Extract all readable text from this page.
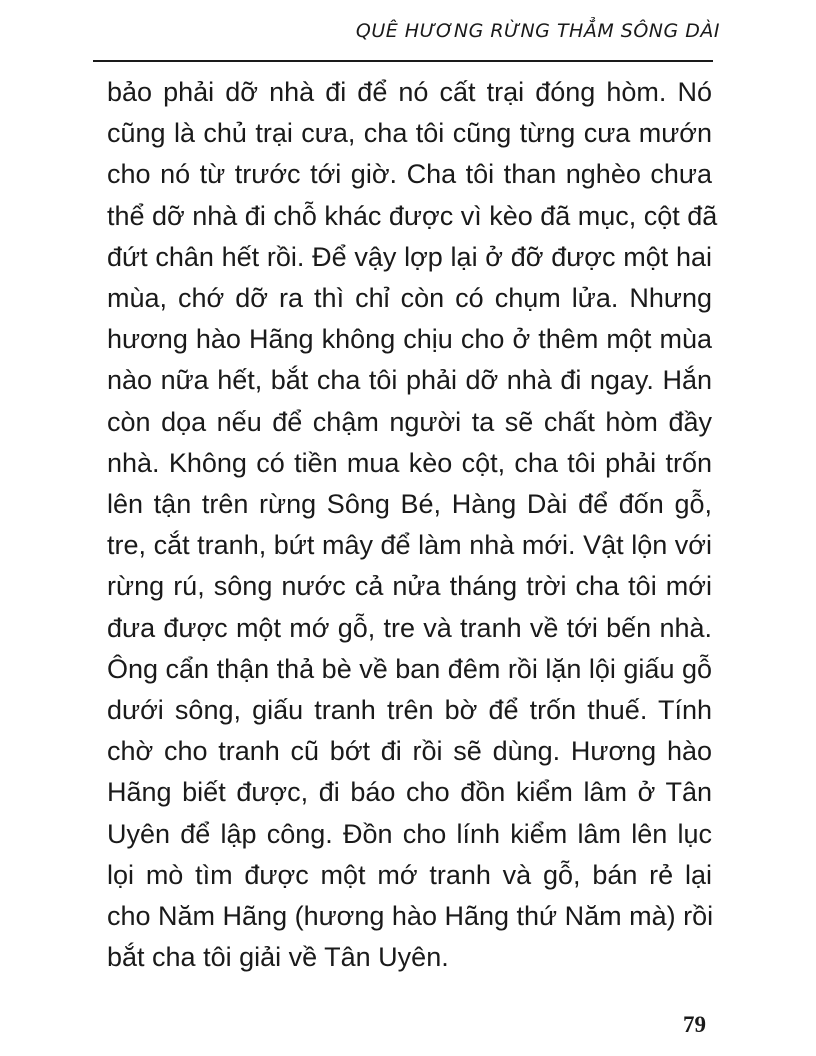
QUÊ HƯƠNG RỪNG THẲM SÔNG DÀI
bảo phải dỡ nhà đi để nó cất trại đóng hòm. Nó
cũng là chủ trại cưa, cha tôi cũng từng cưa mướn
cho nó từ trước tới giờ. Cha tôi than nghèo chưa
thể dỡ nhà đi chỗ khác được vì kèo đã mục, cột đã
đứt chân hết rồi. Để vậy lợp lại ở đỡ được một hai
mùa, chớ dỡ ra thì chỉ còn có chụm lửa. Nhưng
hương hào Hãng không chịu cho ở thêm một mùa
nào nữa hết, bắt cha tôi phải dỡ nhà đi ngay. Hắn
còn dọa nếu để chậm người ta sẽ chất hòm đầy
nhà. Không có tiền mua kèo cột, cha tôi phải trốn
lên tận trên rừng Sông Bé, Hàng Dài để đốn gỗ,
tre, cắt tranh, bứt mây để làm nhà mới. Vật lộn với
rừng rú, sông nước cả nửa tháng trời cha tôi mới
đưa được một mớ gỗ, tre và tranh về tới bến nhà.
Ông cẩn thận thả bè về ban đêm rồi lặn lội giấu gỗ
dưới sông, giấu tranh trên bờ để trốn thuế. Tính
chờ cho tranh cũ bớt đi rồi sẽ dùng. Hương hào
Hãng biết được, đi báo cho đồn kiểm lâm ở Tân
Uyên để lập công. Đồn cho lính kiểm lâm lên lục
lọi mò tìm được một mớ tranh và gỗ, bán rẻ lại
cho Năm Hãng (hương hào Hãng thứ Năm mà) rồi
bắt cha tôi giải về Tân Uyên.
79
